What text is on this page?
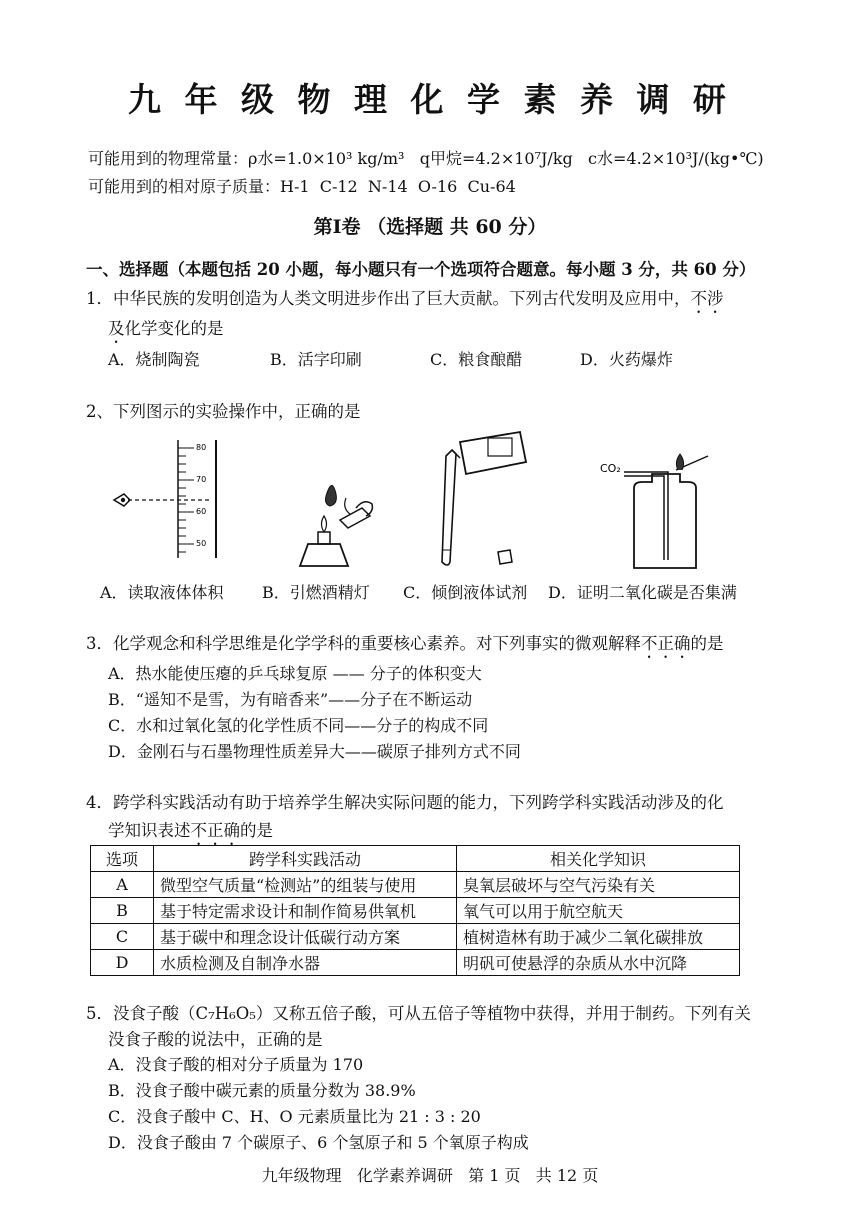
九 年 级 物 理 化 学 素 养 调 研
可能用到的物理常量：ρ水=1.0×10³ kg/m³ q甲烷=4.2×10⁷J/kg c水=4.2×10³J/(kg•℃)
可能用到的相对原子质量：H-1  C-12  N-14  O-16  Cu-64
第Ⅰ卷 （选择题 共 60 分）
一、选择题（本题包括 20 小题，每小题只有一个选项符合题意。每小题 3 分，共 60 分）
1．中华民族的发明创造为人类文明进步作出了巨大贡献。下列古代发明及应用中，不涉
及化学变化的是
A．烧制陶瓷	B．活字印刷	C．粮食酿醋	D．火药爆炸
2、下列图示的实验操作中，正确的是
80
70
60
50
CO₂
A．读取液体体积 B．引燃酒精灯 C．倾倒液体试剂 D．证明二氧化碳是否集满
3．化学观念和科学思维是化学学科的重要核心素养。对下列事实的微观解释不正确的是
A．热水能使压瘪的乒乓球复原 —— 分子的体积变大
B．“遥知不是雪，为有暗香来”——分子在不断运动
C．水和过氧化氢的化学性质不同——分子的构成不同
D．金刚石与石墨物理性质差异大——碳原子排列方式不同
4．跨学科实践活动有助于培养学生解决实际问题的能力，下列跨学科实践活动涉及的化
学知识表述不正确的是
选项	跨学科实践活动	相关化学知识
A	微型空气质量“检测站”的组装与使用	臭氧层破坏与空气污染有关
B	基于特定需求设计和制作简易供氧机	氧气可以用于航空航天
C	基于碳中和理念设计低碳行动方案	植树造林有助于减少二氧化碳排放
D	水质检测及自制净水器	明矾可使悬浮的杂质从水中沉降
5．没食子酸（C₇H₆O₅）又称五倍子酸，可从五倍子等植物中获得，并用于制药。下列有关
没食子酸的说法中，正确的是
A．没食子酸的相对分子质量为 170
B．没食子酸中碳元素的质量分数为 38.9%
C．没食子酸中 C、H、O 元素质量比为 21 : 3 : 20
D．没食子酸由 7 个碳原子、6 个氢原子和 5 个氧原子构成
九年级物理   化学素养调研   第 1 页   共 12 页
